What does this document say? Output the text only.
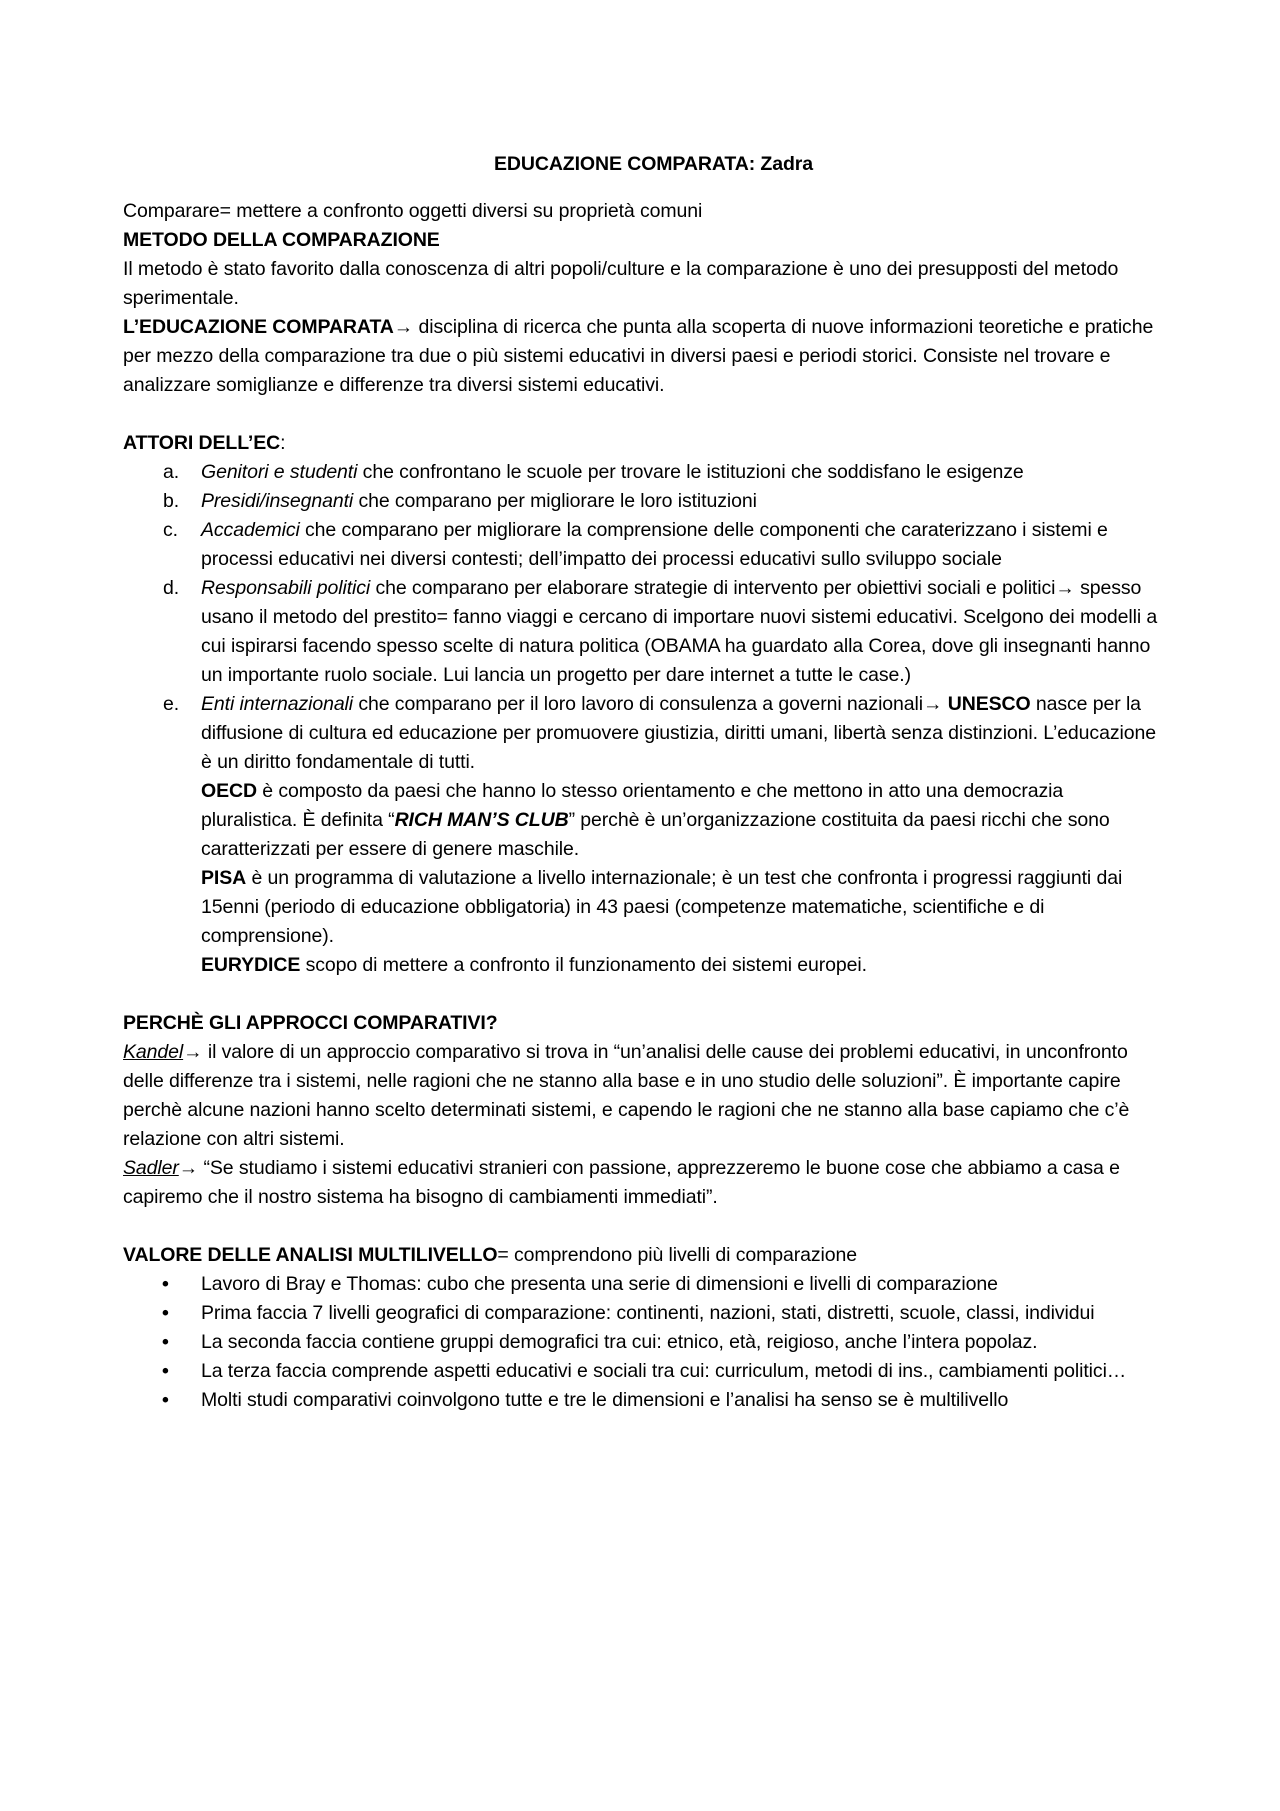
EDUCAZIONE COMPARATA: Zadra

Comparare= mettere a confronto oggetti diversi su proprietà comuni

METODO DELLA COMPARAZIONE

Il metodo è stato favorito dalla conoscenza di altri popoli/culture e la comparazione è uno dei presupposti del metodo sperimentale.

L’EDUCAZIONE COMPARATA→ disciplina di ricerca che punta alla scoperta di nuove informazioni teoretiche e pratiche per mezzo della comparazione tra due o più sistemi educativi in diversi paesi e periodi storici. Consiste nel trovare e analizzare somiglianze e differenze tra diversi sistemi educativi.

ATTORI DELL’EC:

a. Genitori e studenti che confrontano le scuole per trovare le istituzioni che soddisfano le esigenze
b. Presidi/insegnanti che comparano per migliorare le loro istituzioni
c. Accademici che comparano per migliorare la comprensione delle componenti che caraterizzano i sistemi e processi educativi nei diversi contesti; dell’impatto dei processi educativi sullo sviluppo sociale
d. Responsabili politici che comparano per elaborare strategie di intervento per obiettivi sociali e politici→ spesso usano il metodo del prestito= fanno viaggi e cercano di importare nuovi sistemi educativi. Scelgono dei modelli a cui ispirarsi facendo spesso scelte di natura politica (OBAMA ha guardato alla Corea, dove gli insegnanti hanno un importante ruolo sociale. Lui lancia un progetto per dare internet a tutte le case.)
e. Enti internazionali che comparano per il loro lavoro di consulenza a governi nazionali→ UNESCO nasce per la diffusione di cultura ed educazione per promuovere giustizia, diritti umani, libertà senza distinzioni. L’educazione è un diritto fondamentale di tutti.

OECD è composto da paesi che hanno lo stesso orientamento e che mettono in atto una democrazia pluralistica. È definita “RICH MAN’S CLUB” perchè è un’organizzazione costituita da paesi ricchi che sono caratterizzati per essere di genere maschile.

PISA è un programma di valutazione a livello internazionale; è un test che confronta i progressi raggiunti dai 15enni (periodo di educazione obbligatoria) in 43 paesi (competenze matematiche, scientifiche e di comprensione).

EURYDICE scopo di mettere a confronto il funzionamento dei sistemi europei.

PERCHÈ GLI APPROCCI COMPARATIVI?

Kandel→ il valore di un approccio comparativo si trova in “un’analisi delle cause dei problemi educativi, in unconfronto delle differenze tra i sistemi, nelle ragioni che ne stanno alla base e in uno studio delle soluzioni”. È importante capire perchè alcune nazioni hanno scelto determinati sistemi, e capendo le ragioni che ne stanno alla base capiamo che c’è relazione con altri sistemi.

Sadler→ “Se studiamo i sistemi educativi stranieri con passione, apprezzeremo le buone cose che abbiamo a casa e capiremo che il nostro sistema ha bisogno di cambiamenti immediati”.

VALORE DELLE ANALISI MULTILIVELLO= comprendono più livelli di comparazione

• Lavoro di Bray e Thomas: cubo che presenta una serie di dimensioni e livelli di comparazione
• Prima faccia 7 livelli geografici di comparazione: continenti, nazioni, stati, distretti, scuole, classi, individui
• La seconda faccia contiene gruppi demografici tra cui: etnico, età, reigioso, anche l’intera popolaz.
• La terza faccia comprende aspetti educativi e sociali tra cui: curriculum, metodi di ins., cambiamenti politici…
• Molti studi comparativi coinvolgono tutte e tre le dimensioni e l’analisi ha senso se è multilivello
